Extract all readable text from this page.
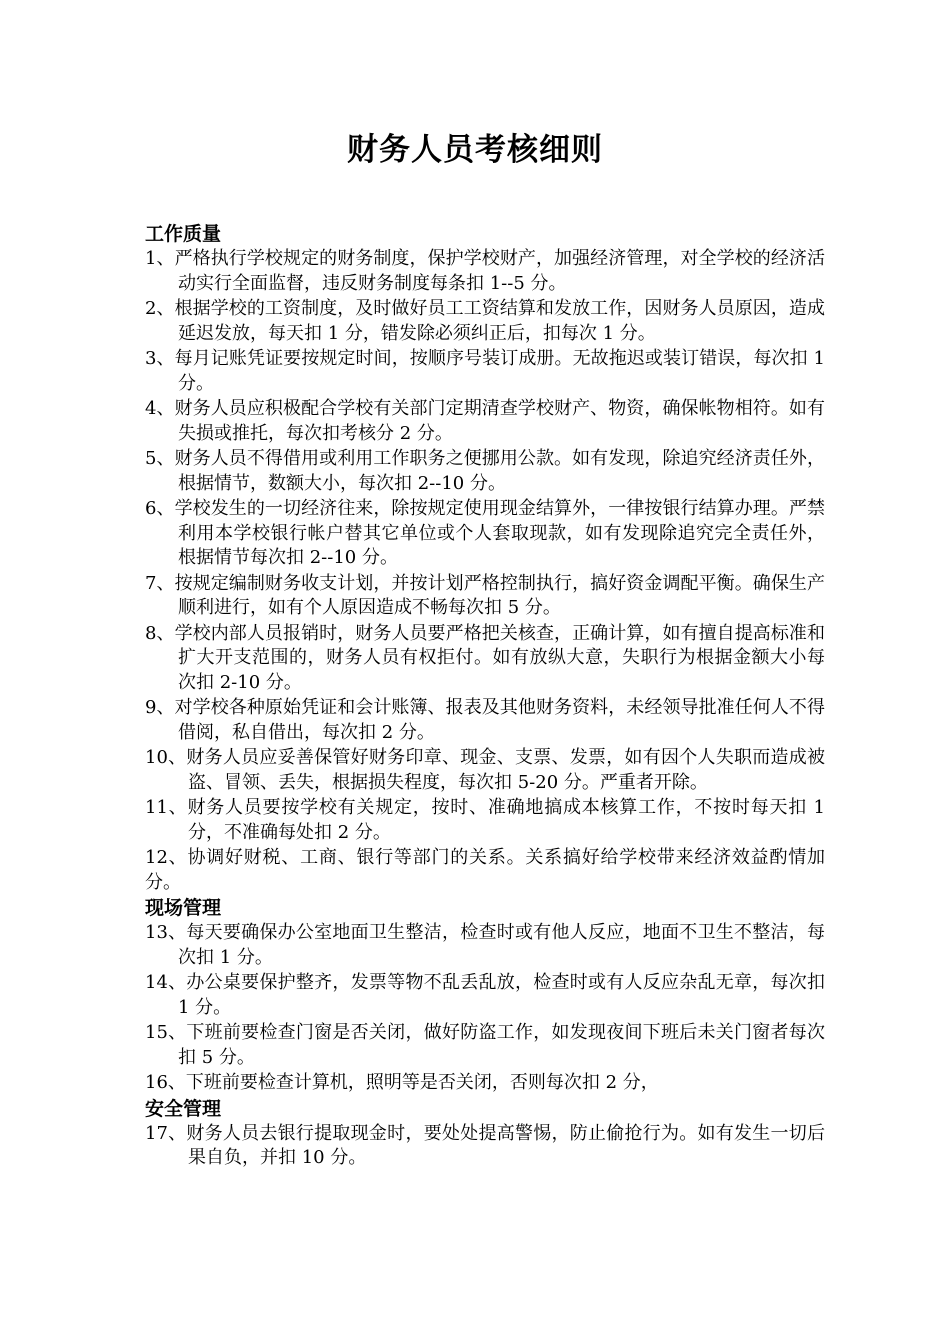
财务人员考核细则
工作质量
1、严格执行学校规定的财务制度，保护学校财产，加强经济管理，对全学校的经济活动实行全面监督，违反财务制度每条扣 1--5 分。
2、根据学校的工资制度，及时做好员工工资结算和发放工作，因财务人员原因，造成延迟发放，每天扣 1 分，错发除必须纠正后，扣每次 1 分。
3、每月记账凭证要按规定时间，按顺序号装订成册。无故拖迟或装订错误，每次扣 1 分。
4、财务人员应积极配合学校有关部门定期清查学校财产、物资，确保帐物相符。如有失损或推托，每次扣考核分 2 分。
5、财务人员不得借用或利用工作职务之便挪用公款。如有发现，除追究经济责任外，根据情节，数额大小，每次扣 2--10 分。
6、学校发生的一切经济往来，除按规定使用现金结算外，一律按银行结算办理。严禁利用本学校银行帐户替其它单位或个人套取现款，如有发现除追究完全责任外，根据情节每次扣 2--10 分。
7、按规定编制财务收支计划，并按计划严格控制执行，搞好资金调配平衡。确保生产顺利进行，如有个人原因造成不畅每次扣 5 分。
8、学校内部人员报销时，财务人员要严格把关核查，正确计算，如有擅自提高标准和扩大开支范围的，财务人员有权拒付。如有放纵大意，失职行为根据金额大小每次扣 2-10 分。
9、对学校各种原始凭证和会计账簿、报表及其他财务资料，未经领导批准任何人不得借阅，私自借出，每次扣 2 分。
10、财务人员应妥善保管好财务印章、现金、支票、发票，如有因个人失职而造成被盗、冒领、丢失，根据损失程度，每次扣 5-20 分。严重者开除。
11、财务人员要按学校有关规定，按时、准确地搞成本核算工作，不按时每天扣 1 分，不准确每处扣 2 分。
12、协调好财税、工商、银行等部门的关系。关系搞好给学校带来经济效益酌情加分。
现场管理
13、每天要确保办公室地面卫生整洁，检查时或有他人反应，地面不卫生不整洁，每次扣 1 分。
14、办公桌要保护整齐，发票等物不乱丢乱放，检查时或有人反应杂乱无章，每次扣 1 分。
15、下班前要检查门窗是否关闭，做好防盗工作，如发现夜间下班后未关门窗者每次扣 5 分。
16、下班前要检查计算机，照明等是否关闭，否则每次扣 2 分，
安全管理
17、财务人员去银行提取现金时，要处处提高警惕，防止偷抢行为。如有发生一切后果自负，并扣 10 分。
